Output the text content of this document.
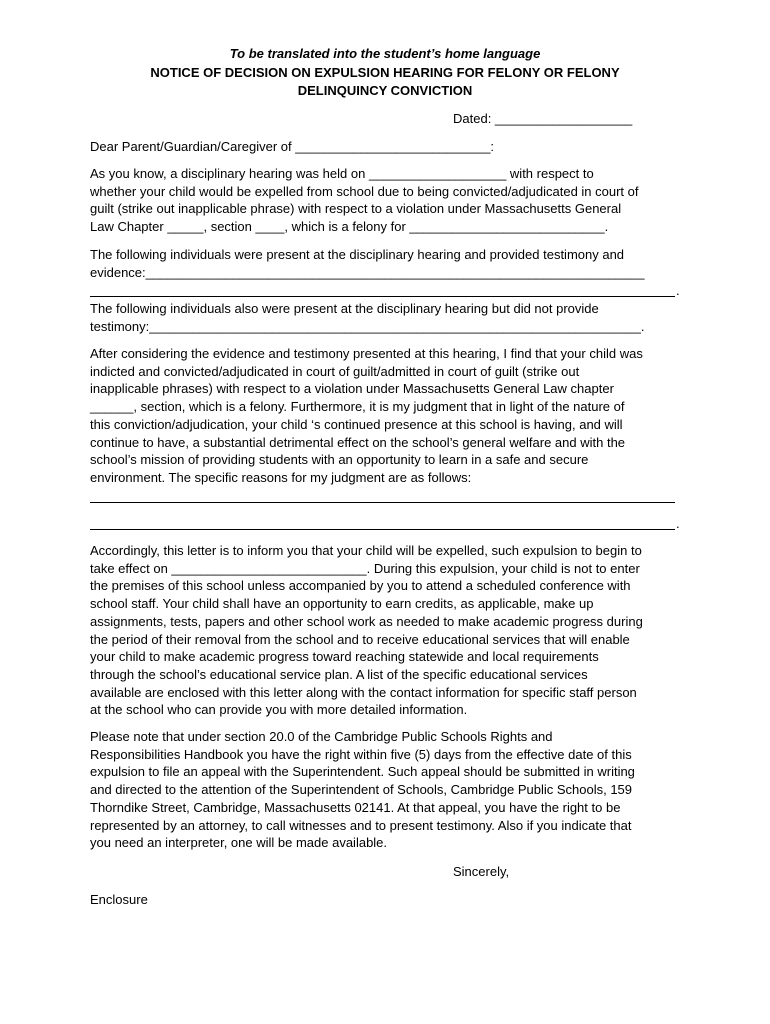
To be translated into the student’s home language
NOTICE OF DECISION ON EXPULSION HEARING FOR FELONY OR FELONY
DELINQUINCY CONVICTION
Dated: ___________________
Dear Parent/Guardian/Caregiver of ___________________________:
As you know, a disciplinary hearing was held on ___________________ with respect to
whether your child would be expelled from school due to being convicted/adjudicated in court of
guilt (strike out inapplicable phrase) with respect to a violation under Massachusetts General
Law Chapter _____, section ____, which is a felony for ___________________________.
The following individuals were present at the disciplinary hearing and provided testimony and
evidence:_____________________________________________________________________
.
The following individuals also were present at the disciplinary hearing but did not provide
testimony:____________________________________________________________________.
After considering the evidence and testimony presented at this hearing, I find that your child was
indicted and convicted/adjudicated in court of guilt/admitted in court of guilt (strike out
inapplicable phrases) with respect to a violation under Massachusetts General Law chapter
______, section, which is a felony. Furthermore, it is my judgment that in light of the nature of
this conviction/adjudication, your child ‘s continued presence at this school is having, and will
continue to have, a substantial detrimental effect on the school’s general welfare and with the
school’s mission of providing students with an opportunity to learn in a safe and secure
environment. The specific reasons for my judgment are as follows:
.
Accordingly, this letter is to inform you that your child will be expelled, such expulsion to begin to
take effect on ___________________________. During this expulsion, your child is not to enter
the premises of this school unless accompanied by you to attend a scheduled conference with
school staff. Your child shall have an opportunity to earn credits, as applicable, make up
assignments, tests, papers and other school work as needed to make academic progress during
the period of their removal from the school and to receive educational services that will enable
your child to make academic progress toward reaching statewide and local requirements
through the school’s educational service plan. A list of the specific educational services
available are enclosed with this letter along with the contact information for specific staff person
at the school who can provide you with more detailed information.
Please note that under section 20.0 of the Cambridge Public Schools Rights and
Responsibilities Handbook you have the right within five (5) days from the effective date of this
expulsion to file an appeal with the Superintendent. Such appeal should be submitted in writing
and directed to the attention of the Superintendent of Schools, Cambridge Public Schools, 159
Thorndike Street, Cambridge, Massachusetts 02141. At that appeal, you have the right to be
represented by an attorney, to call witnesses and to present testimony. Also if you indicate that
you need an interpreter, one will be made available.
Sincerely,
Enclosure
